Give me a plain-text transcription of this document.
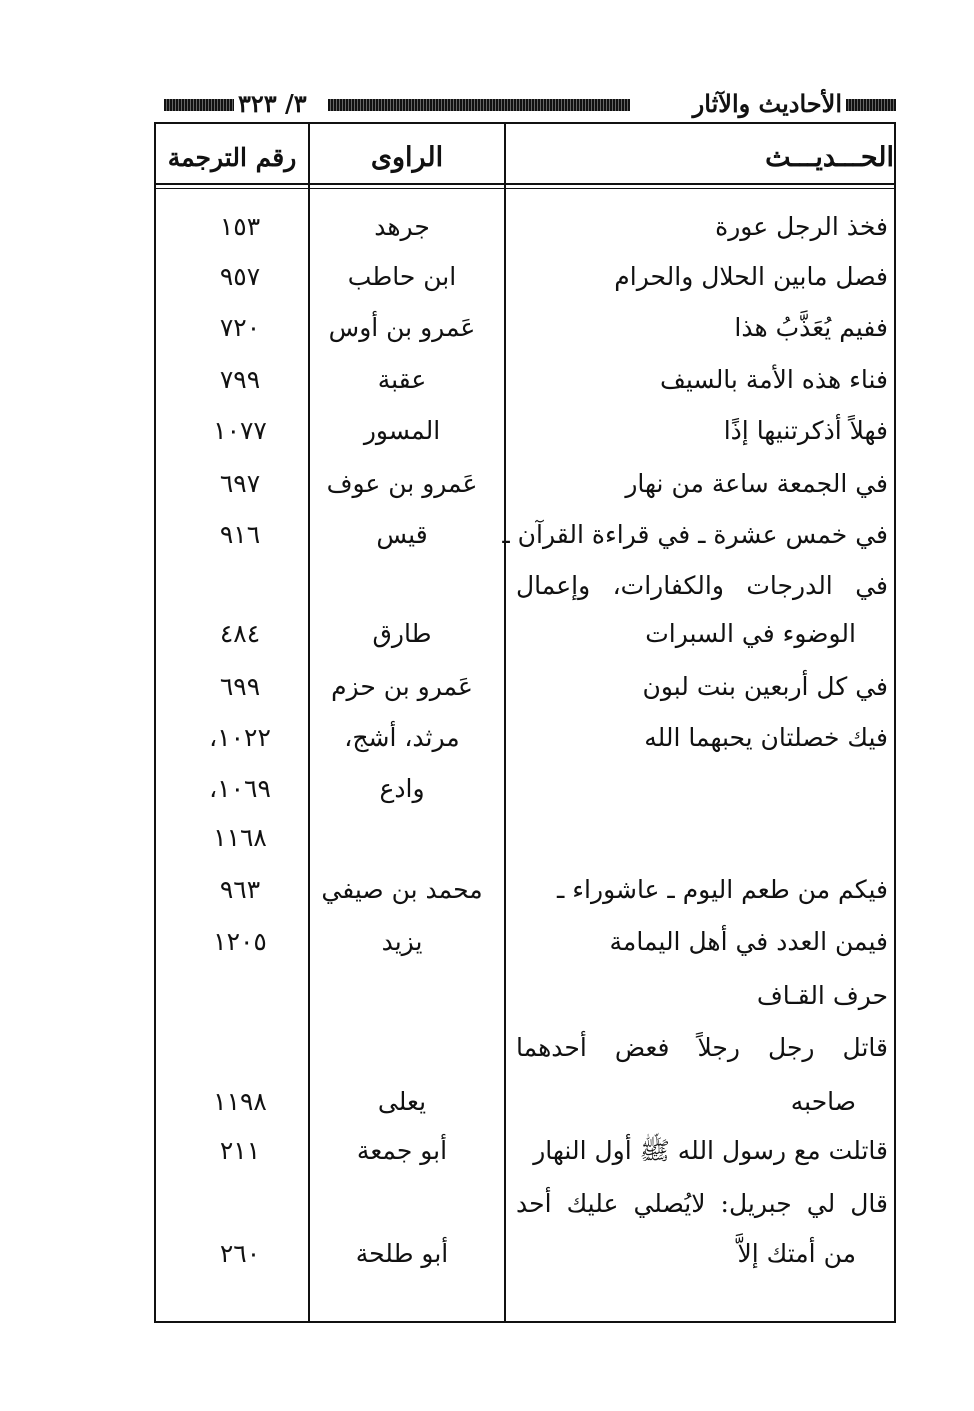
٣/ ٣٢٣	الأحاديث والآثار
الحـــديـــث
الراوى
رقم الترجمة
فخذ الرجل عورة
جرهد
١٥٣
فصل مابين الحلال والحرام
ابن حاطب
٩٥٧
ففيم يُعَذَّبُ هذا
عَمرو بن أوس
٧٢٠
فناء هذه الأمة بالسيف
عقبة
٧٩٩
فهلاً أذكرتنيها إذًا
المسور
١٠٧٧
في الجمعة ساعة من نهار
عَمرو بن عوف
٦٩٧
في خمس عشرة ـ في قراءة القرآن ـ
قيس
٩١٦
في الدرجات والكفارات، وإعمال
الوضوء في السبرات
طارق
٤٨٤
في كل أربعين بنت لبون
عَمرو بن حزم
٦٩٩
فيك خصلتان يحبهما الله
مرثد، أشج،
١٠٢٢،
وادع
١٠٦٩،
١١٦٨
فيكم من طعم اليوم ـ عاشوراء ـ
محمد بن صيفي
٩٦٣
فيمن العدد في أهل اليمامة
يزيد
١٢٠٥
حرف القـاف
قاتل رجل رجلاً فعض أحدهما
صاحبه
يعلى
١١٩٨
قاتلت مع رسول الله ﷺ أول النهار
أبو جمعة
٢١١
قال لي جبريل: لايُصلي عليك أحد
من أمتك إلاَّ
أبو طلحة
٢٦٠
